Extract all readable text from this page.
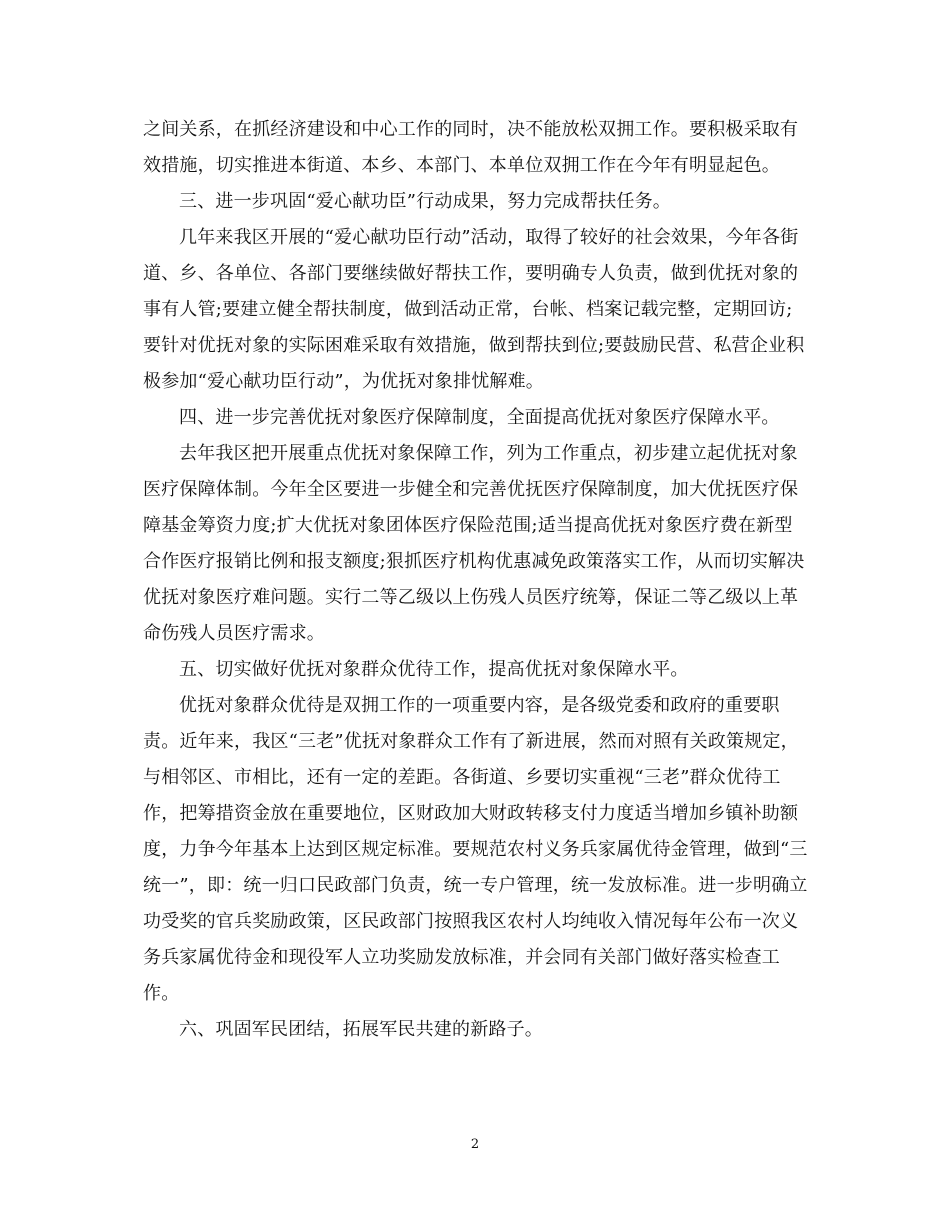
之间关系，在抓经济建设和中心工作的同时，决不能放松双拥工作。要积极采取有效措施，切实推进本街道、本乡、本部门、本单位双拥工作在今年有明显起色。

三、进一步巩固“爱心献功臣”行动成果，努力完成帮扶任务。

几年来我区开展的“爱心献功臣行动”活动，取得了较好的社会效果，今年各街道、乡、各单位、各部门要继续做好帮扶工作，要明确专人负责，做到优抚对象的事有人管;要建立健全帮扶制度，做到活动正常，台帐、档案记载完整，定期回访;要针对优抚对象的实际困难采取有效措施，做到帮扶到位;要鼓励民营、私营企业积极参加“爱心献功臣行动”，为优抚对象排忧解难。

四、进一步完善优抚对象医疗保障制度，全面提高优抚对象医疗保障水平。

去年我区把开展重点优抚对象保障工作，列为工作重点，初步建立起优抚对象医疗保障体制。今年全区要进一步健全和完善优抚医疗保障制度，加大优抚医疗保障基金筹资力度;扩大优抚对象团体医疗保险范围;适当提高优抚对象医疗费在新型合作医疗报销比例和报支额度;狠抓医疗机构优惠减免政策落实工作，从而切实解决优抚对象医疗难问题。实行二等乙级以上伤残人员医疗统筹，保证二等乙级以上革命伤残人员医疗需求。

五、切实做好优抚对象群众优待工作，提高优抚对象保障水平。

优抚对象群众优待是双拥工作的一项重要内容，是各级党委和政府的重要职责。近年来，我区“三老”优抚对象群众工作有了新进展，然而对照有关政策规定，与相邻区、市相比，还有一定的差距。各街道、乡要切实重视“三老”群众优待工作，把筹措资金放在重要地位，区财政加大财政转移支付力度适当增加乡镇补助额度，力争今年基本上达到区规定标准。要规范农村义务兵家属优待金管理，做到“三统一”，即：统一归口民政部门负责，统一专户管理，统一发放标准。进一步明确立功受奖的官兵奖励政策，区民政部门按照我区农村人均纯收入情况每年公布一次义务兵家属优待金和现役军人立功奖励发放标准，并会同有关部门做好落实检查工作。

六、巩固军民团结，拓展军民共建的新路子。

2
